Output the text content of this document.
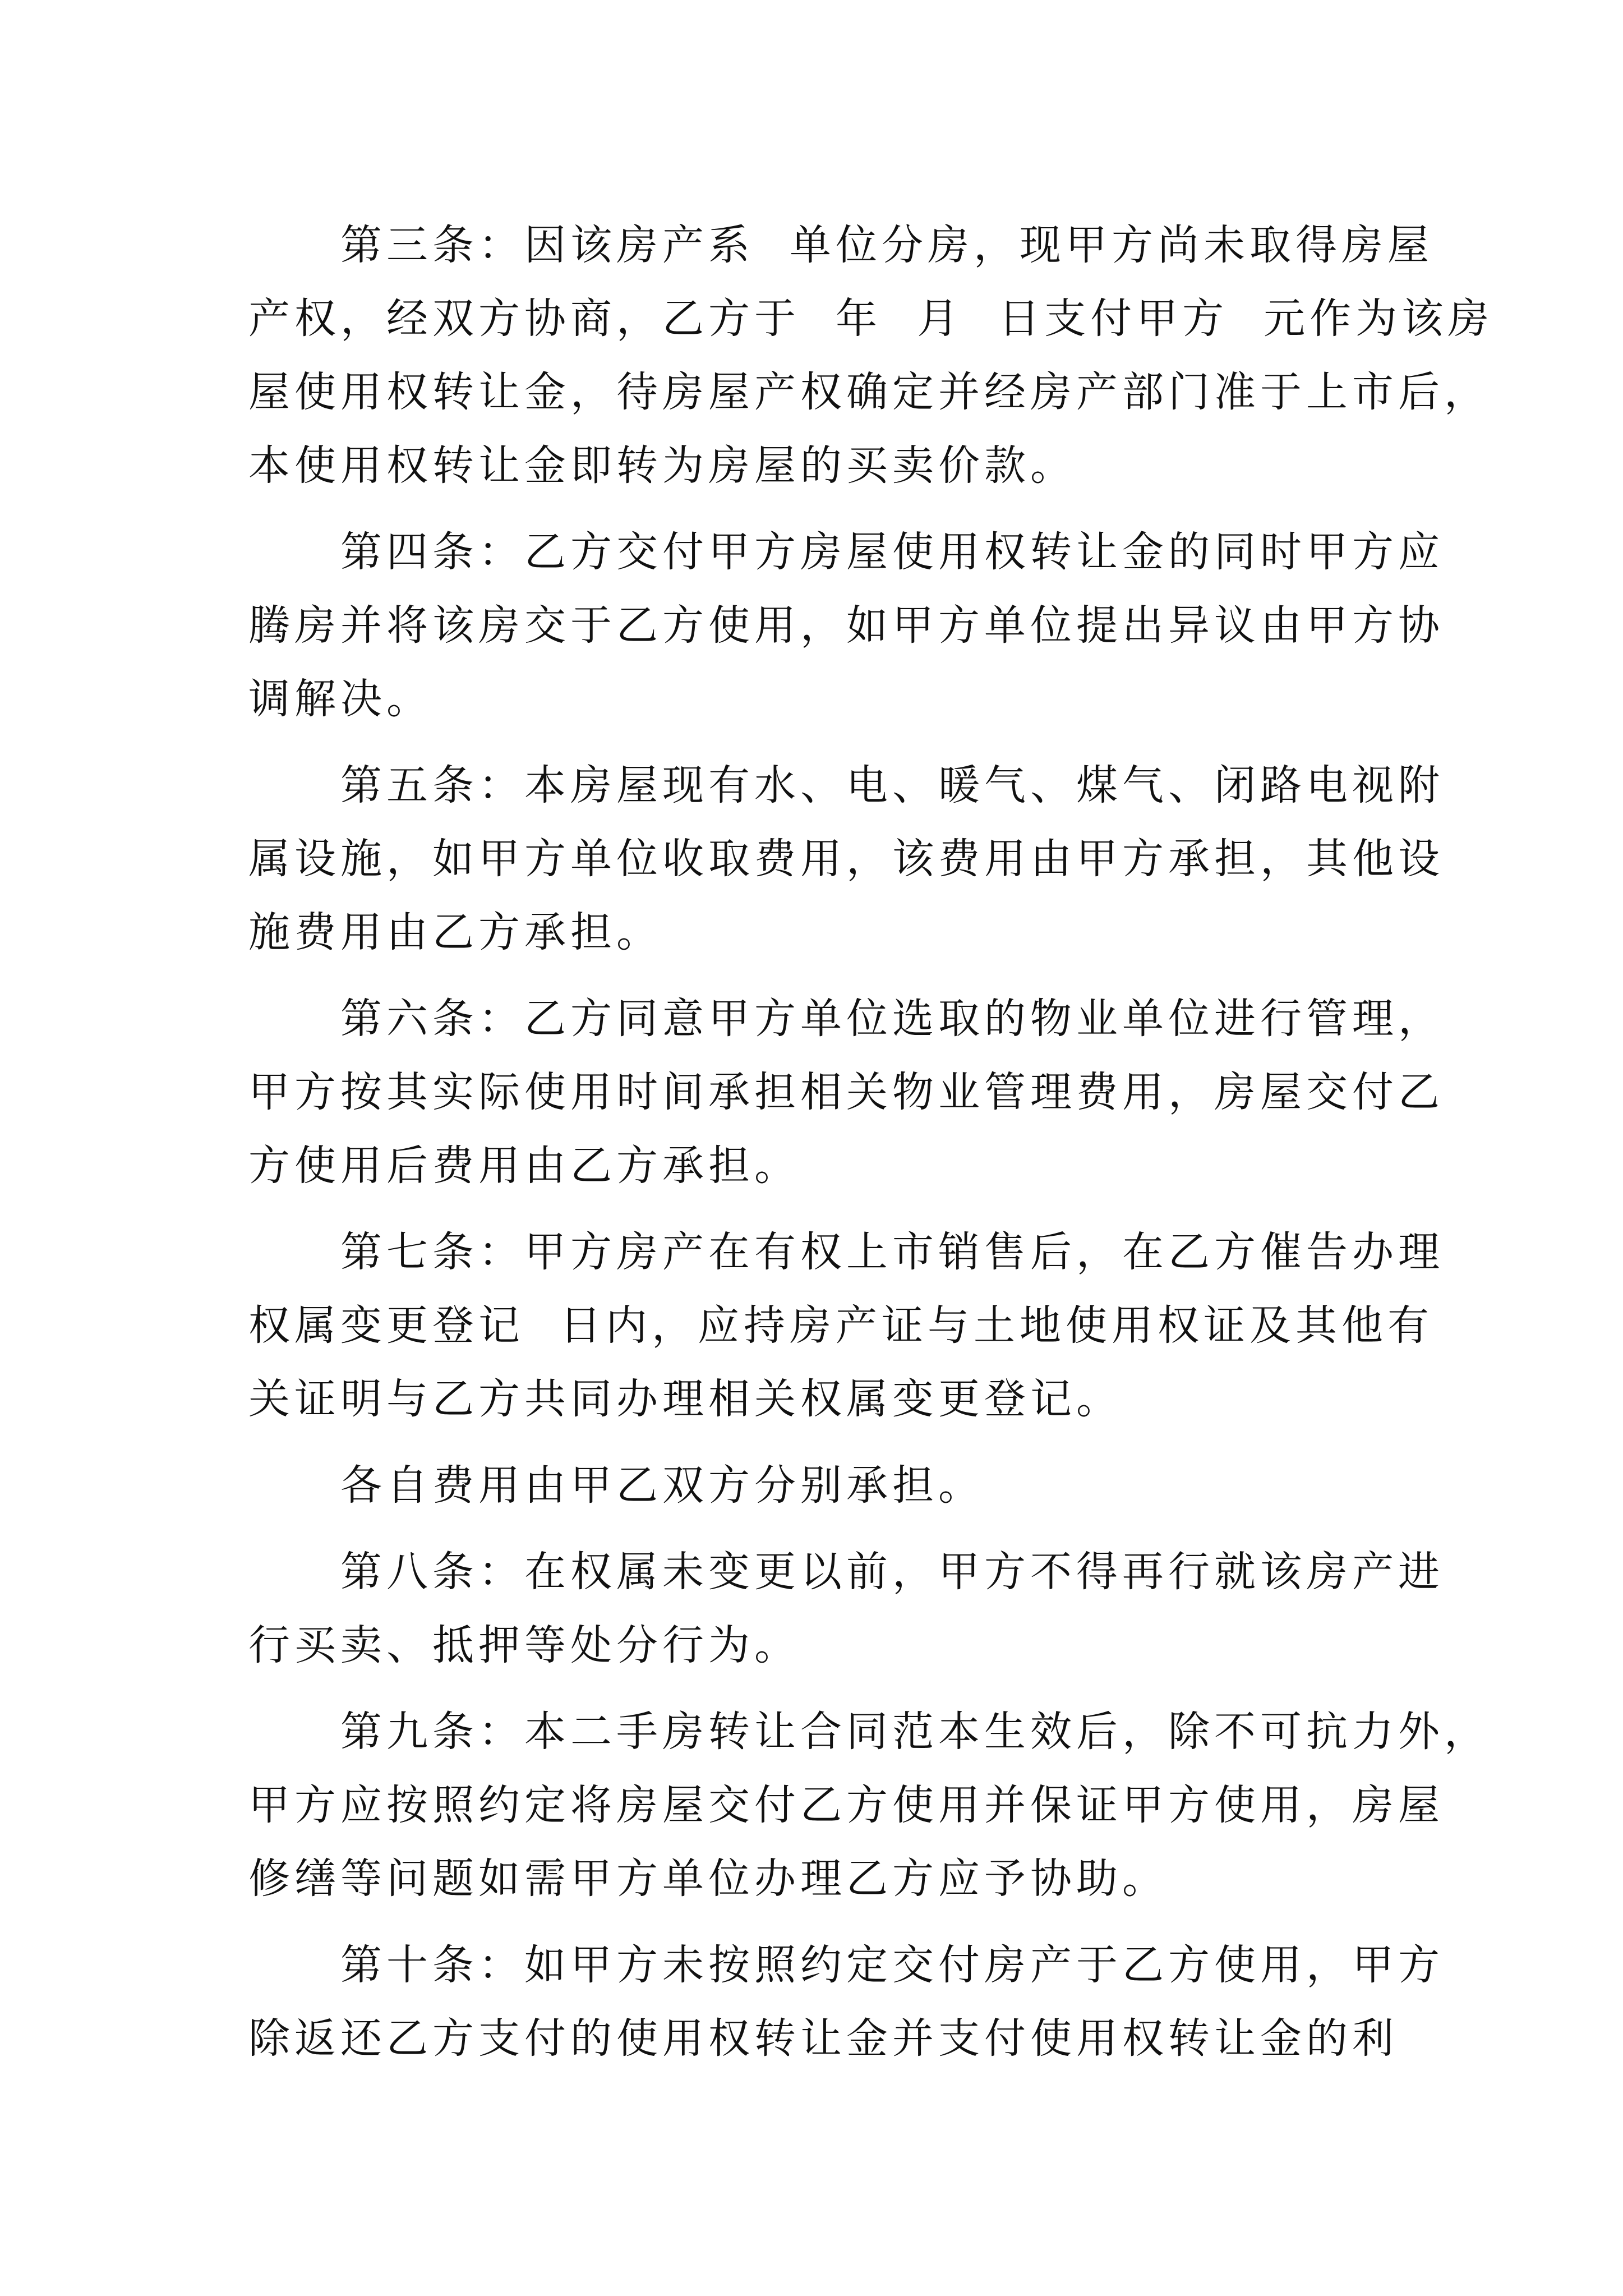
第三条：因该房产系  单位分房，现甲方尚未取得房屋
产权，经双方协商，乙方于  年  月  日支付甲方  元作为该房
屋使用权转让金，待房屋产权确定并经房产部门准于上市后，
本使用权转让金即转为房屋的买卖价款。
第四条：乙方交付甲方房屋使用权转让金的同时甲方应
腾房并将该房交于乙方使用，如甲方单位提出异议由甲方协
调解决。
第五条：本房屋现有水、电、暖气、煤气、闭路电视附
属设施，如甲方单位收取费用，该费用由甲方承担，其他设
施费用由乙方承担。
第六条：乙方同意甲方单位选取的物业单位进行管理，
甲方按其实际使用时间承担相关物业管理费用，房屋交付乙
方使用后费用由乙方承担。
第七条：甲方房产在有权上市销售后，在乙方催告办理
权属变更登记  日内，应持房产证与土地使用权证及其他有
关证明与乙方共同办理相关权属变更登记。
各自费用由甲乙双方分别承担。
第八条：在权属未变更以前，甲方不得再行就该房产进
行买卖、抵押等处分行为。
第九条：本二手房转让合同范本生效后，除不可抗力外，
甲方应按照约定将房屋交付乙方使用并保证甲方使用，房屋
修缮等问题如需甲方单位办理乙方应予协助。
第十条：如甲方未按照约定交付房产于乙方使用，甲方
除返还乙方支付的使用权转让金并支付使用权转让金的利
